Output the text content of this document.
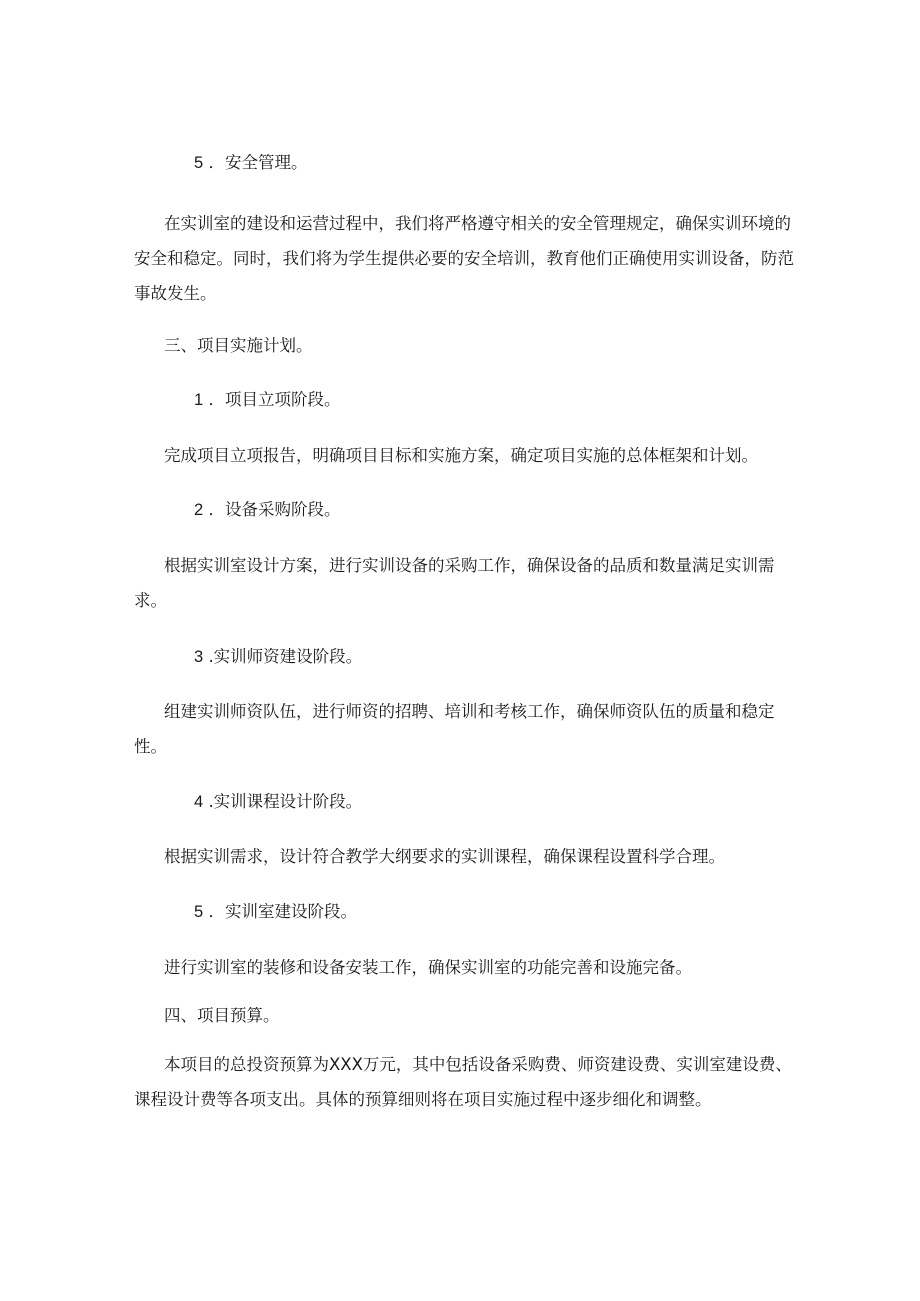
5 ．安全管理。

在实训室的建设和运营过程中，我们将严格遵守相关的安全管理规定，确保实训环境的安全和稳定。同时，我们将为学生提供必要的安全培训，教育他们正确使用实训设备，防范事故发生。

三、项目实施计划。

1 ．项目立项阶段。

完成项目立项报告，明确项目目标和实施方案，确定项目实施的总体框架和计划。

2 ．设备采购阶段。

根据实训室设计方案，进行实训设备的采购工作，确保设备的品质和数量满足实训需求。

3 .实训师资建设阶段。

组建实训师资队伍，进行师资的招聘、培训和考核工作，确保师资队伍的质量和稳定性。

4 .实训课程设计阶段。

根据实训需求，设计符合教学大纲要求的实训课程，确保课程设置科学合理。

5 ．实训室建设阶段。

进行实训室的装修和设备安装工作，确保实训室的功能完善和设施完备。

四、项目预算。

本项目的总投资预算为XXX万元，其中包括设备采购费、师资建设费、实训室建设费、课程设计费等各项支出。具体的预算细则将在项目实施过程中逐步细化和调整。
